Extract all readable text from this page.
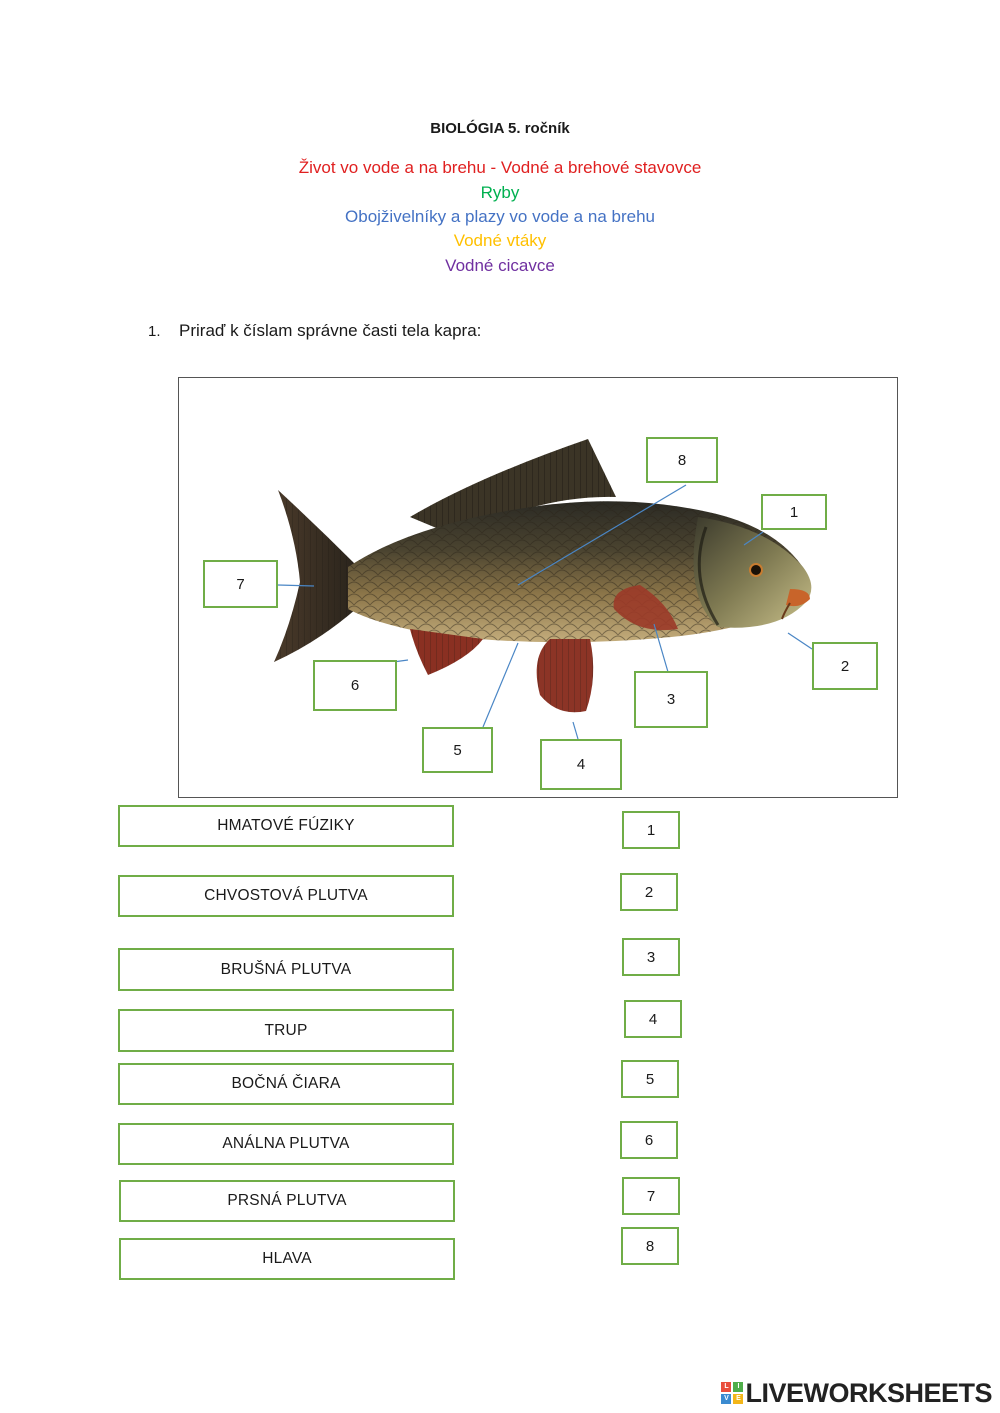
BIOLÓGIA 5. ročník
Život vo vode a na brehu - Vodné a brehové stavovce
Ryby
Obojživelníky a plazy vo vode a na brehu
Vodné vtáky
Vodné cicavce
1. Priraď k číslam správne časti tela kapra:
8
1
7
2
6
3
5
4
HMATOVÉ FÚZIKY
CHVOSTOVÁ PLUTVA
BRUŠNÁ PLUTVA
TRUP
BOČNÁ ČIARA
ANÁLNA PLUTVA
PRSNÁ PLUTVA
HLAVA
1
2
3
4
5
6
7
8
L	I
V	E LIVEWORKSHEETS
